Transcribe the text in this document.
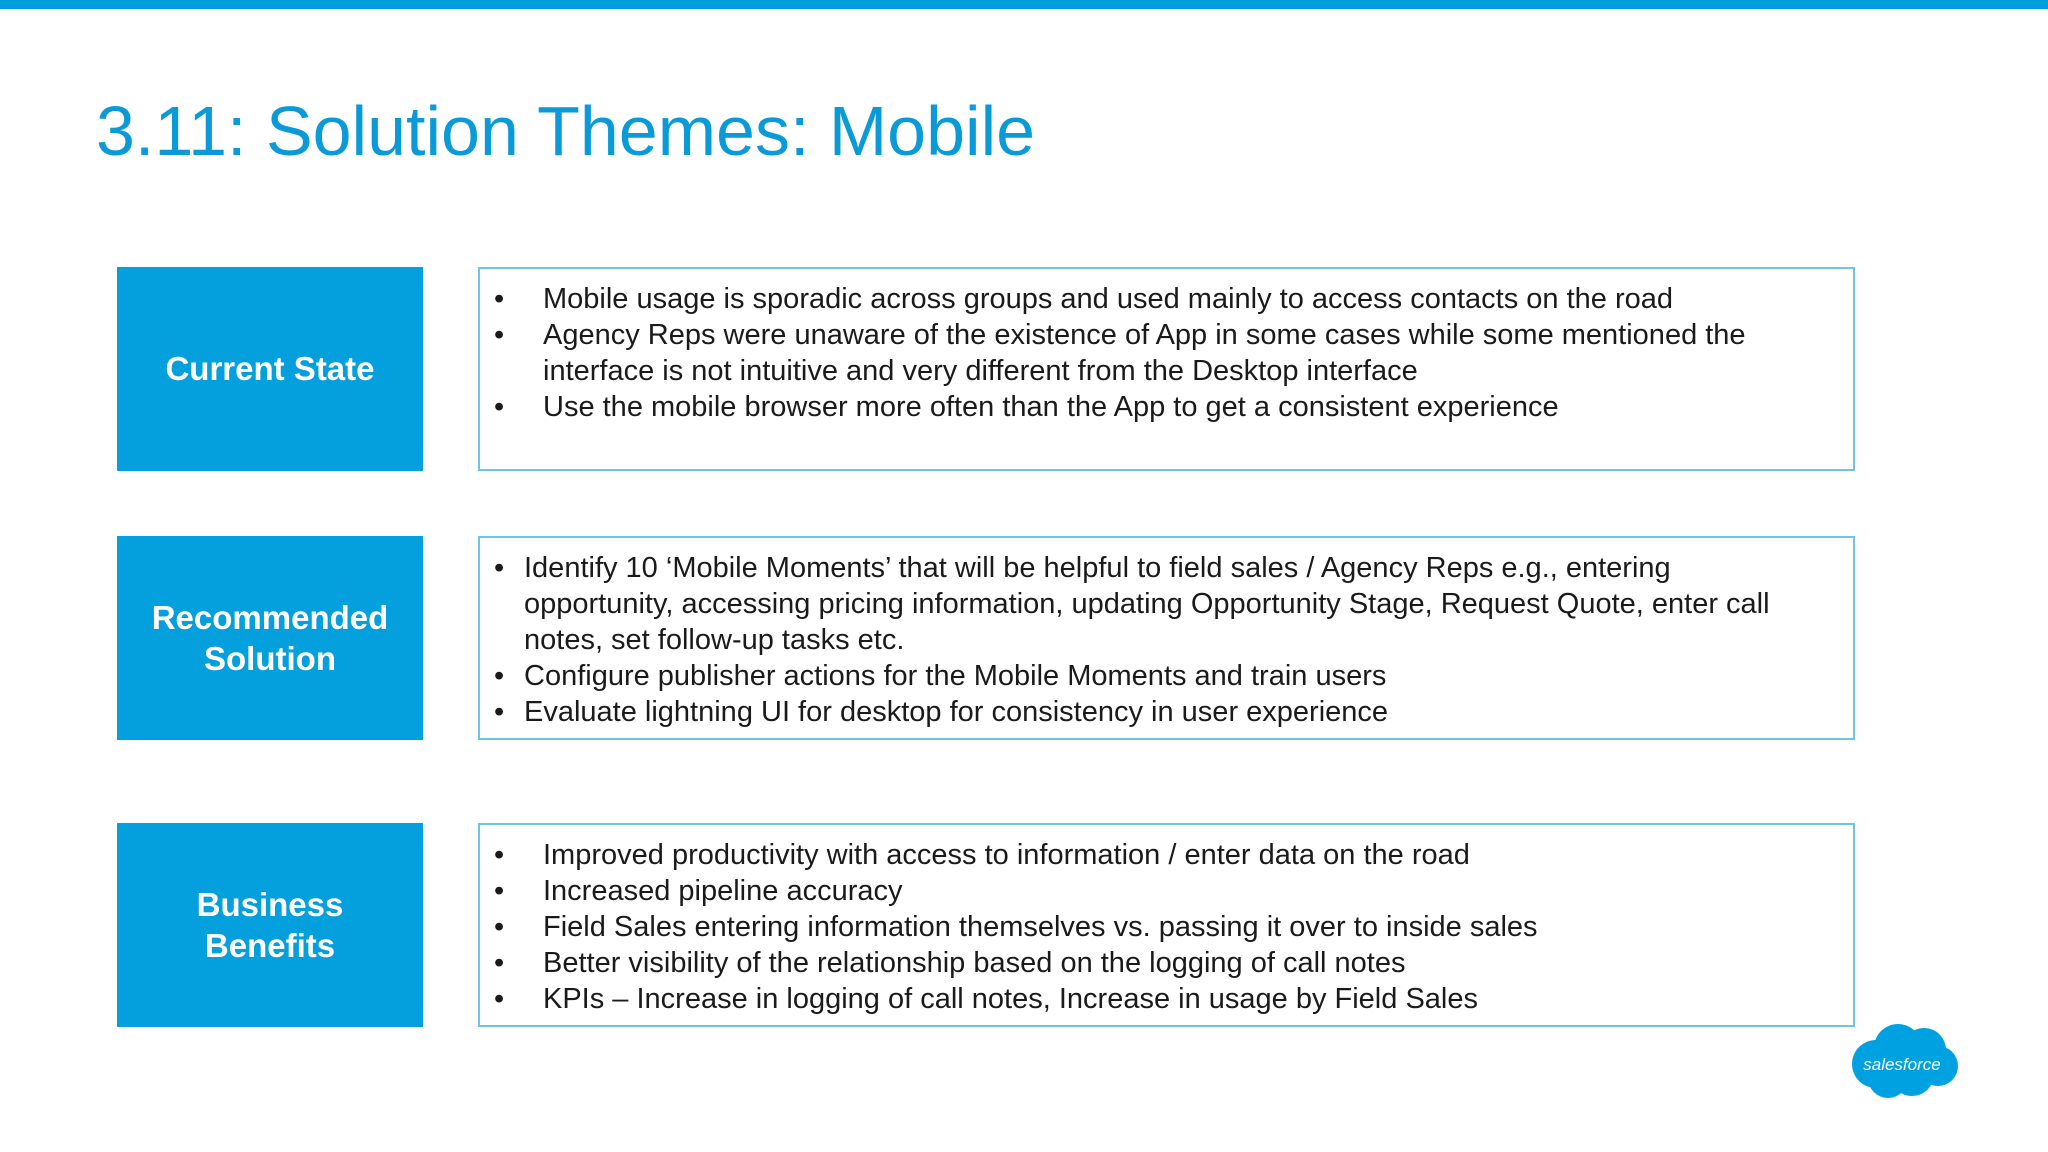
3.11: Solution Themes: Mobile
Current State
• Mobile usage is sporadic across groups and used mainly to access contacts on the road
• Agency Reps were unaware of the existence of App in some cases while some mentioned the interface is not intuitive and very different from the Desktop interface
• Use the mobile browser more often than the App to get a consistent experience
Recommended
Solution
• Identify 10 ‘Mobile Moments’ that will be helpful to field sales / Agency Reps e.g., entering opportunity, accessing pricing information, updating Opportunity Stage, Request Quote, enter call notes, set follow-up tasks etc.
• Configure publisher actions for the Mobile Moments and train users
• Evaluate lightning UI for desktop for consistency in user experience
Business
Benefits
• Improved productivity with access to information / enter data on the road
• Increased pipeline accuracy
• Field Sales entering information themselves vs. passing it over to inside sales
• Better visibility of the relationship based on the logging of call notes
• KPIs – Increase in logging of call notes, Increase in usage by Field Sales
salesforce
